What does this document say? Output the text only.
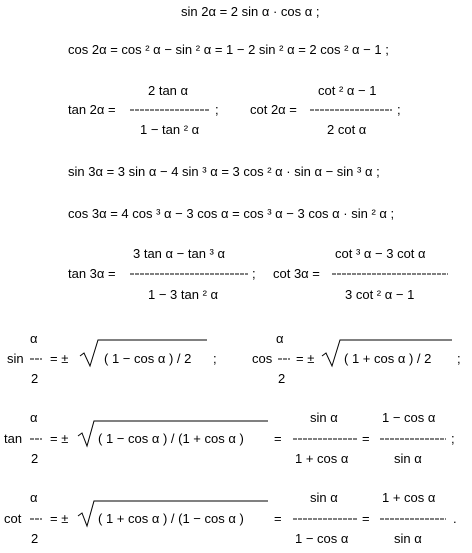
sin 2α = 2 sin α · cos α ;
cos 2α = cos ² α − sin ² α = 1 − 2 sin ² α = 2 cos ² α − 1 ;
tan 2α =
2 tan α
1 − tan ² α
; cot 2α =
cot ² α − 1
2 cot α
;
sin 3α = 3 sin α − 4 sin ³ α = 3 cos ² α · sin α − sin ³ α ;
cos 3α = 4 cos ³ α − 3 cos α = cos ³ α − 3 cos α · sin ² α ;
tan 3α =
3 tan α − tan ³ α
1 − 3 tan ² α
; cot 3α =
cot ³ α − 3 cot α
3 cot ² α − 1
α
sin
2
= ±	( 1 − cos α ) / 2 ;
α
cos
2
= ± ( 1 + cos α ) / 2 ;
α
tan
2
= ± ( 1 − cos α ) / (1 + cos α ) =
sin α
1 + cos α
=
1 − cos α
sin α
;
α
cot
2
= ± ( 1 + cos α ) / (1 − cos α ) =
sin α
1 − cos α
=
1 + cos α
sin α
.
